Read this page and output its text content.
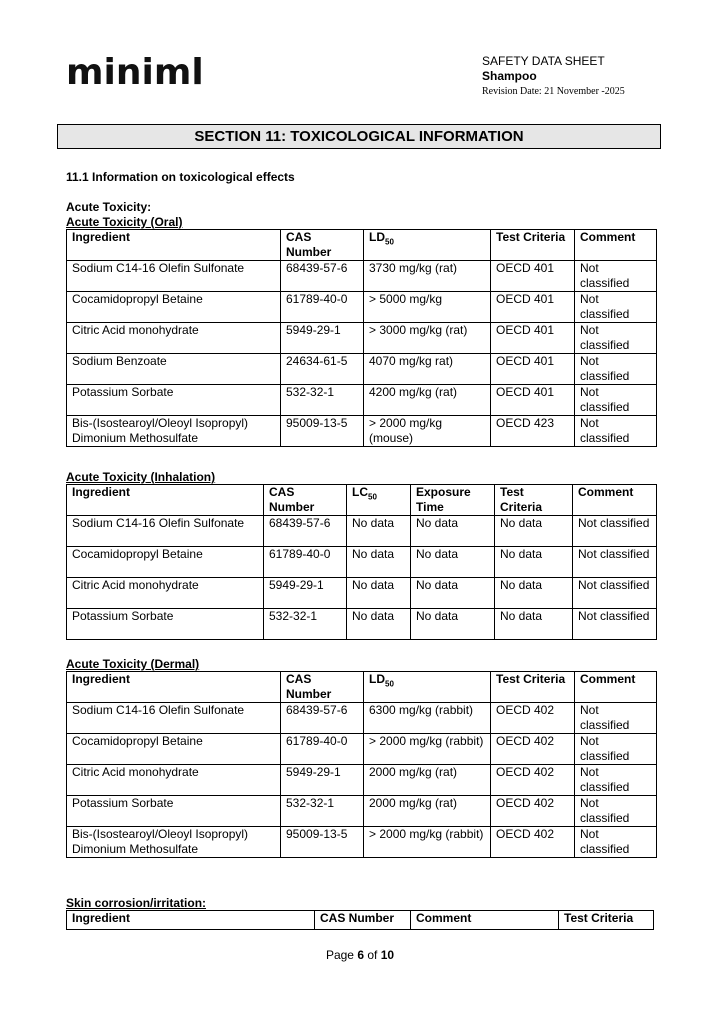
miniml	SAFETY DATA SHEET
Shampoo
Revision Date: 21 November -2025
SECTION 11: TOXICOLOGICAL INFORMATION
11.1 Information on toxicological effects
Acute Toxicity:
Acute Toxicity (Oral)
Ingredient	CAS Number	$LD_{50}$	Test Criteria	Comment
Sodium C14-16 Olefin Sulfonate	68439-57-6	3730 mg/kg (rat)	OECD 401	Not classified
Cocamidopropyl Betaine	61789-40-0	> 5000 mg/kg	OECD 401	Not classified
Citric Acid monohydrate	5949-29-1	> 3000 mg/kg (rat)	OECD 401	Not classified
Sodium Benzoate	24634-61-5	4070 mg/kg rat)	OECD 401	Not classified
Potassium Sorbate	532-32-1	4200 mg/kg (rat)	OECD 401	Not classified
Bis-(Isostearoyl/Oleoyl Isopropyl) Dimonium Methosulfate	95009-13-5	> 2000 mg/kg (mouse)	OECD 423	Not classified
Acute Toxicity (Inhalation)
Ingredient	CAS Number	$LC_{50}$	Exposure Time	Test Criteria	Comment
Sodium C14-16 Olefin Sulfonate	68439-57-6	No data	No data	No data	Not classified
Cocamidopropyl Betaine	61789-40-0	No data	No data	No data	Not classified
Citric Acid monohydrate	5949-29-1	No data	No data	No data	Not classified
Potassium Sorbate	532-32-1	No data	No data	No data	Not classified
Acute Toxicity (Dermal)
Ingredient	CAS Number	$LD_{50}$	Test Criteria	Comment
Sodium C14-16 Olefin Sulfonate	68439-57-6	6300 mg/kg (rabbit)	OECD 402	Not classified
Cocamidopropyl Betaine	61789-40-0	> 2000 mg/kg (rabbit)	OECD 402	Not classified
Citric Acid monohydrate	5949-29-1	2000 mg/kg (rat)	OECD 402	Not classified
Potassium Sorbate	532-32-1	2000 mg/kg (rat)	OECD 402	Not classified
Bis-(Isostearoyl/Oleoyl Isopropyl) Dimonium Methosulfate	95009-13-5	> 2000 mg/kg (rabbit)	OECD 402	Not classified
Skin corrosion/irritation:
Ingredient	CAS Number	Comment	Test Criteria
Page 6 of 10
